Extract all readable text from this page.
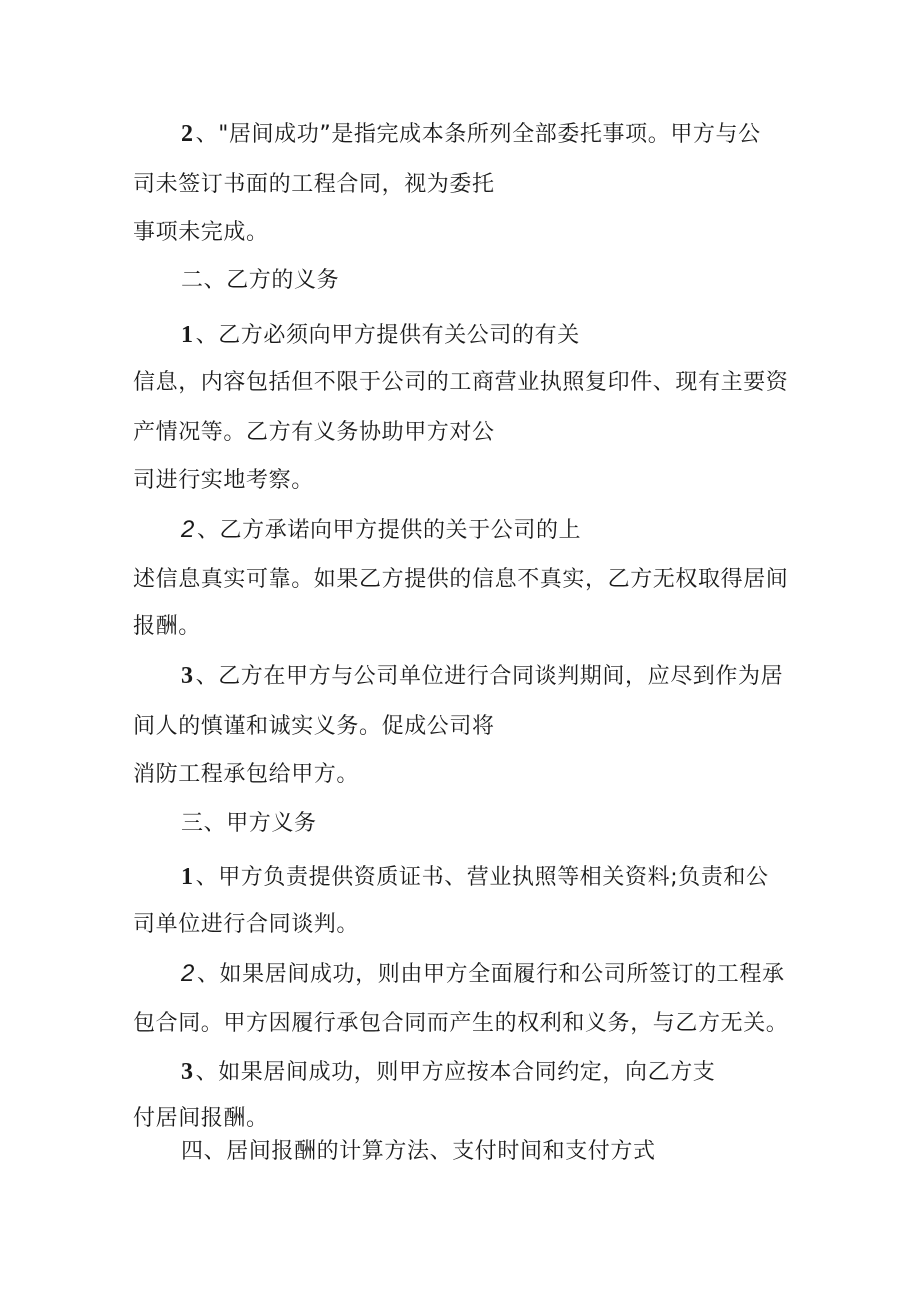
2、"居间成功”是指完成本条所列全部委托事项。甲方与公
司未签订书面的工程合同，视为委托
事项未完成。
二、乙方的义务
1、乙方必须向甲方提供有关公司的有关
信息，内容包括但不限于公司的工商营业执照复印件、现有主要资
产情况等。乙方有义务协助甲方对公
司进行实地考察。
2、乙方承诺向甲方提供的关于公司的上
述信息真实可靠。如果乙方提供的信息不真实，乙方无权取得居间
报酬。
3、乙方在甲方与公司单位进行合同谈判期间，应尽到作为居
间人的慎谨和诚实义务。促成公司将
消防工程承包给甲方。
三、甲方义务
1、甲方负责提供资质证书、营业执照等相关资料;负责和公
司单位进行合同谈判。
2、如果居间成功，则由甲方全面履行和公司所签订的工程承
包合同。甲方因履行承包合同而产生的权利和义务，与乙方无关。
3、如果居间成功，则甲方应按本合同约定，向乙方支
付居间报酬。
四、居间报酬的计算方法、支付时间和支付方式
